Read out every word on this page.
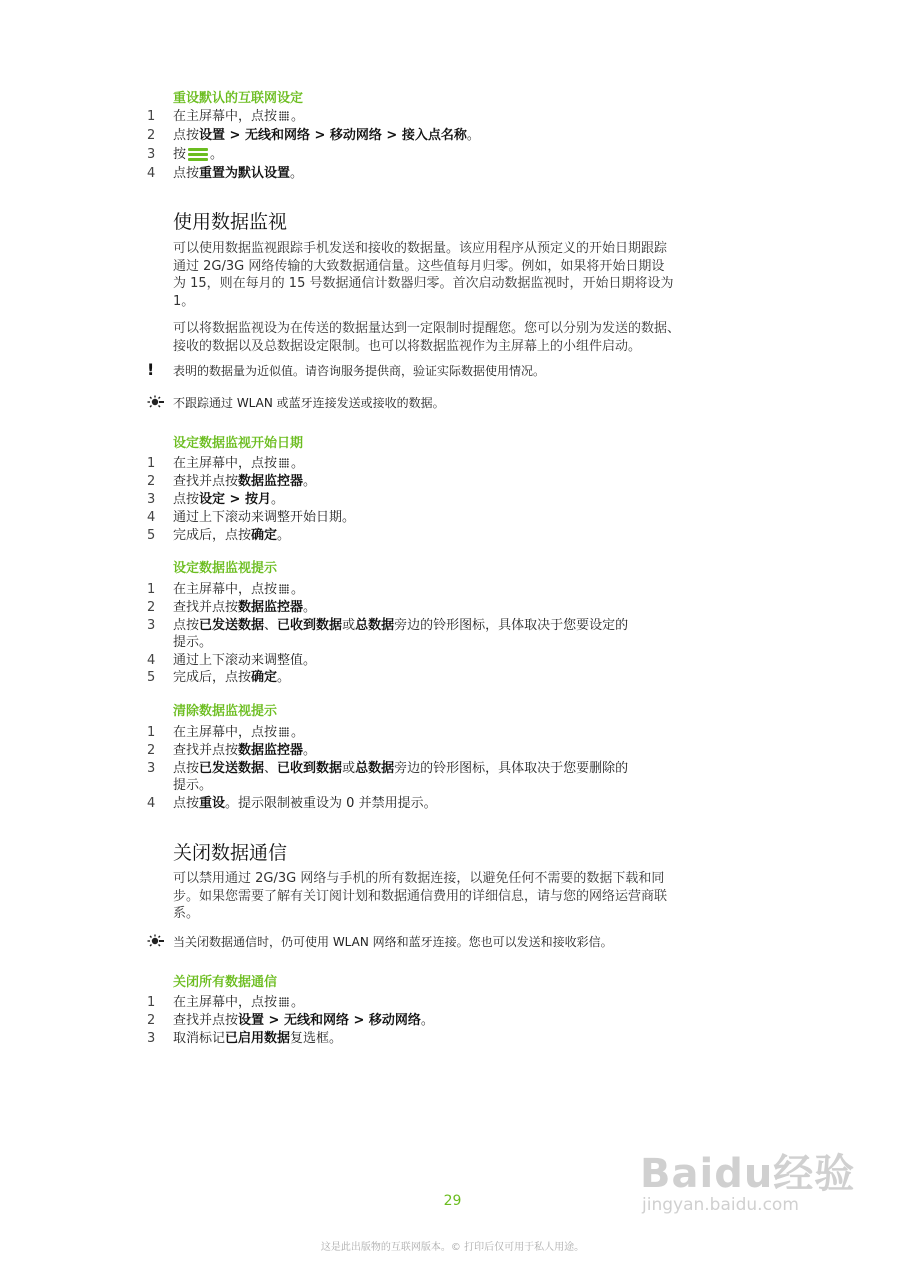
重设默认的互联网设定
1 在主屏幕中，点按 。
2 点按设置 > 无线和网络 > 移动网络 > 接入点名称。
3 按 。
4 点按重置为默认设置。
使用数据监视
可以使用数据监视跟踪手机发送和接收的数据量。该应用程序从预定义的开始日期跟踪
通过 2G/3G 网络传输的大致数据通信量。这些值每月归零。例如，如果将开始日期设
为 15，则在每月的 15 号数据通信计数器归零。首次启动数据监视时，开始日期将设为
1。
可以将数据监视设为在传送的数据量达到一定限制时提醒您。您可以分别为发送的数据、
接收的数据以及总数据设定限制。也可以将数据监视作为主屏幕上的小组件启动。
! 表明的数据量为近似值。请咨询服务提供商，验证实际数据使用情况。
不跟踪通过 WLAN 或蓝牙连接发送或接收的数据。
设定数据监视开始日期
1 在主屏幕中，点按 。
2 查找并点按数据监控器。
3 点按设定 > 按月。
4 通过上下滚动来调整开始日期。
5 完成后，点按确定。
设定数据监视提示
1 在主屏幕中，点按 。
2 查找并点按数据监控器。
3 点按已发送数据、已收到数据或总数据旁边的铃形图标，具体取决于您要设定的
提示。
4 通过上下滚动来调整值。
5 完成后，点按确定。
清除数据监视提示
1 在主屏幕中，点按 。
2 查找并点按数据监控器。
3 点按已发送数据、已收到数据或总数据旁边的铃形图标，具体取决于您要删除的
提示。
4 点按重设。提示限制被重设为 0 并禁用提示。
关闭数据通信
可以禁用通过 2G/3G 网络与手机的所有数据连接，以避免任何不需要的数据下载和同
步。如果您需要了解有关订阅计划和数据通信费用的详细信息，请与您的网络运营商联
系。
当关闭数据通信时，仍可使用 WLAN 网络和蓝牙连接。您也可以发送和接收彩信。
关闭所有数据通信
1 在主屏幕中，点按 。
2 查找并点按设置 > 无线和网络 > 移动网络。
3 取消标记已启用数据复选框。
Baidu经验
jingyan.baidu.com
29
这是此出版物的互联网版本。© 打印后仅可用于私人用途。
